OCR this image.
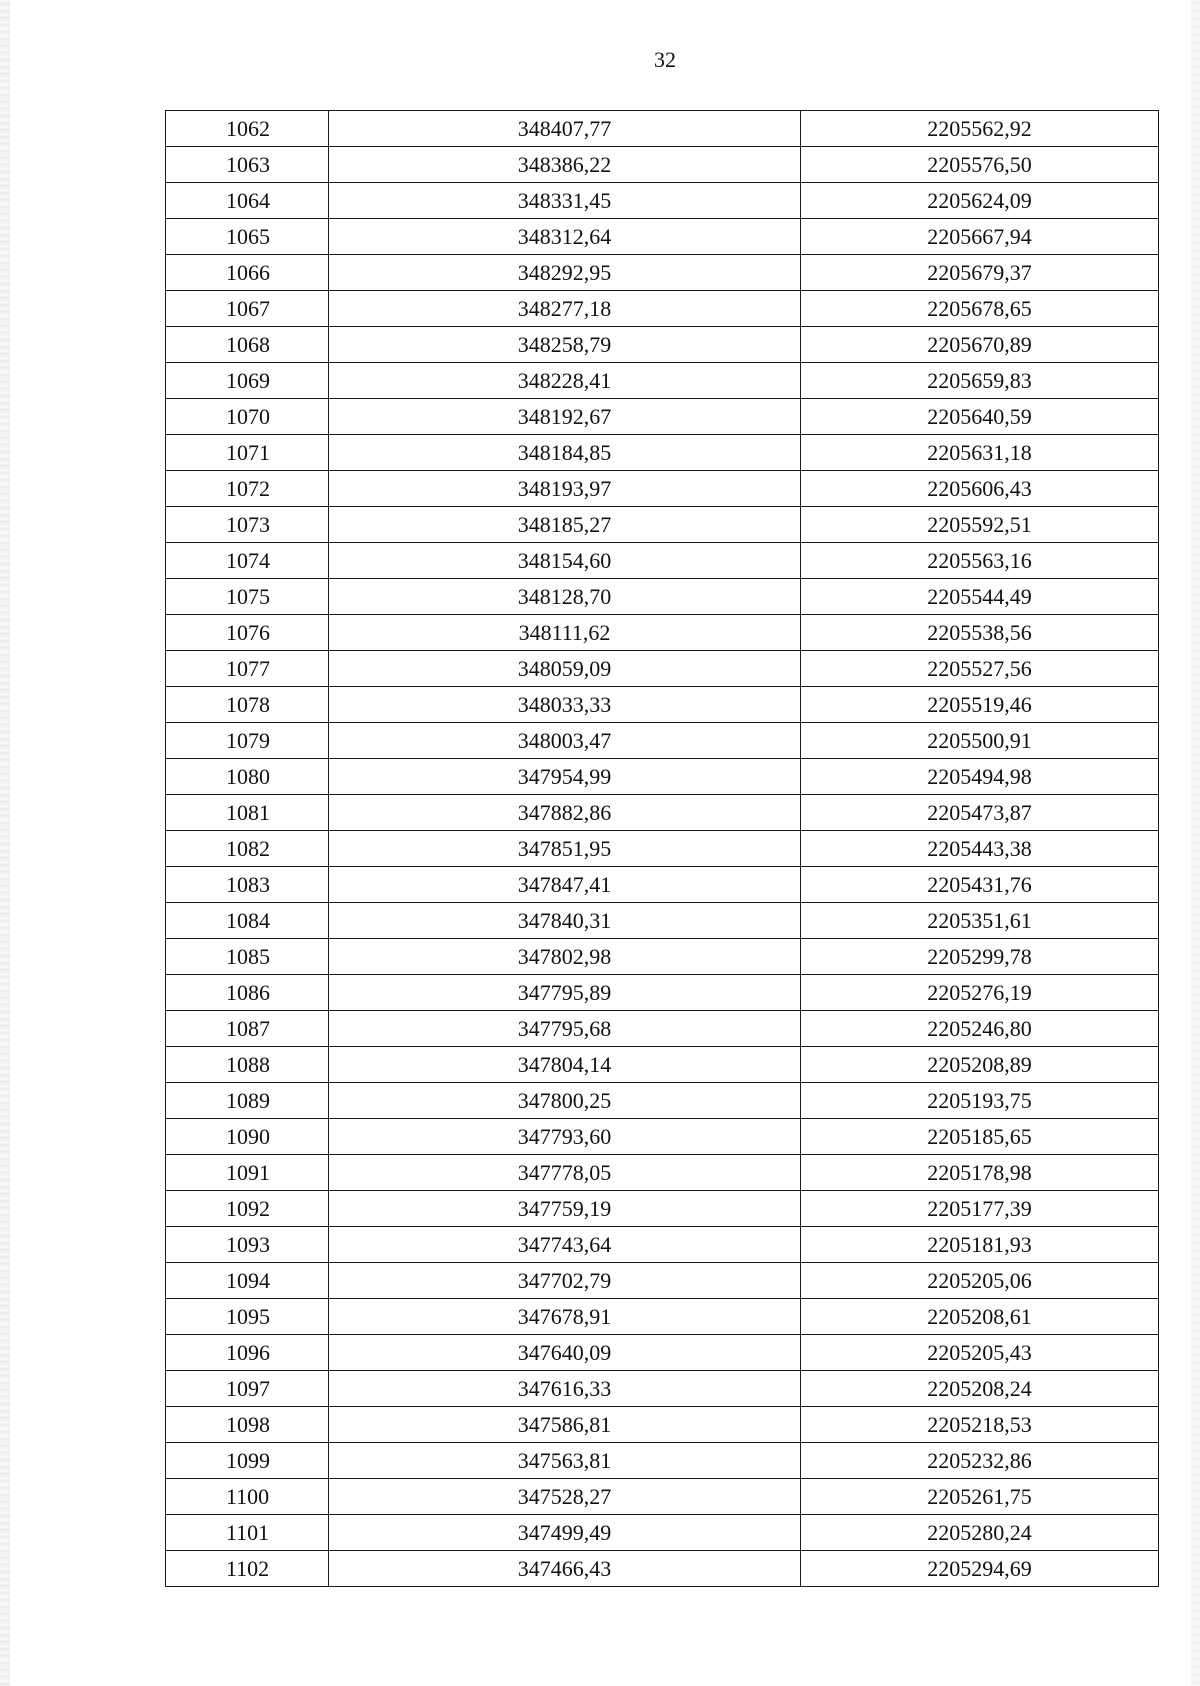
32
1062	348407,77	2205562,92
1063	348386,22	2205576,50
1064	348331,45	2205624,09
1065	348312,64	2205667,94
1066	348292,95	2205679,37
1067	348277,18	2205678,65
1068	348258,79	2205670,89
1069	348228,41	2205659,83
1070	348192,67	2205640,59
1071	348184,85	2205631,18
1072	348193,97	2205606,43
1073	348185,27	2205592,51
1074	348154,60	2205563,16
1075	348128,70	2205544,49
1076	348111,62	2205538,56
1077	348059,09	2205527,56
1078	348033,33	2205519,46
1079	348003,47	2205500,91
1080	347954,99	2205494,98
1081	347882,86	2205473,87
1082	347851,95	2205443,38
1083	347847,41	2205431,76
1084	347840,31	2205351,61
1085	347802,98	2205299,78
1086	347795,89	2205276,19
1087	347795,68	2205246,80
1088	347804,14	2205208,89
1089	347800,25	2205193,75
1090	347793,60	2205185,65
1091	347778,05	2205178,98
1092	347759,19	2205177,39
1093	347743,64	2205181,93
1094	347702,79	2205205,06
1095	347678,91	2205208,61
1096	347640,09	2205205,43
1097	347616,33	2205208,24
1098	347586,81	2205218,53
1099	347563,81	2205232,86
1100	347528,27	2205261,75
1101	347499,49	2205280,24
1102	347466,43	2205294,69
